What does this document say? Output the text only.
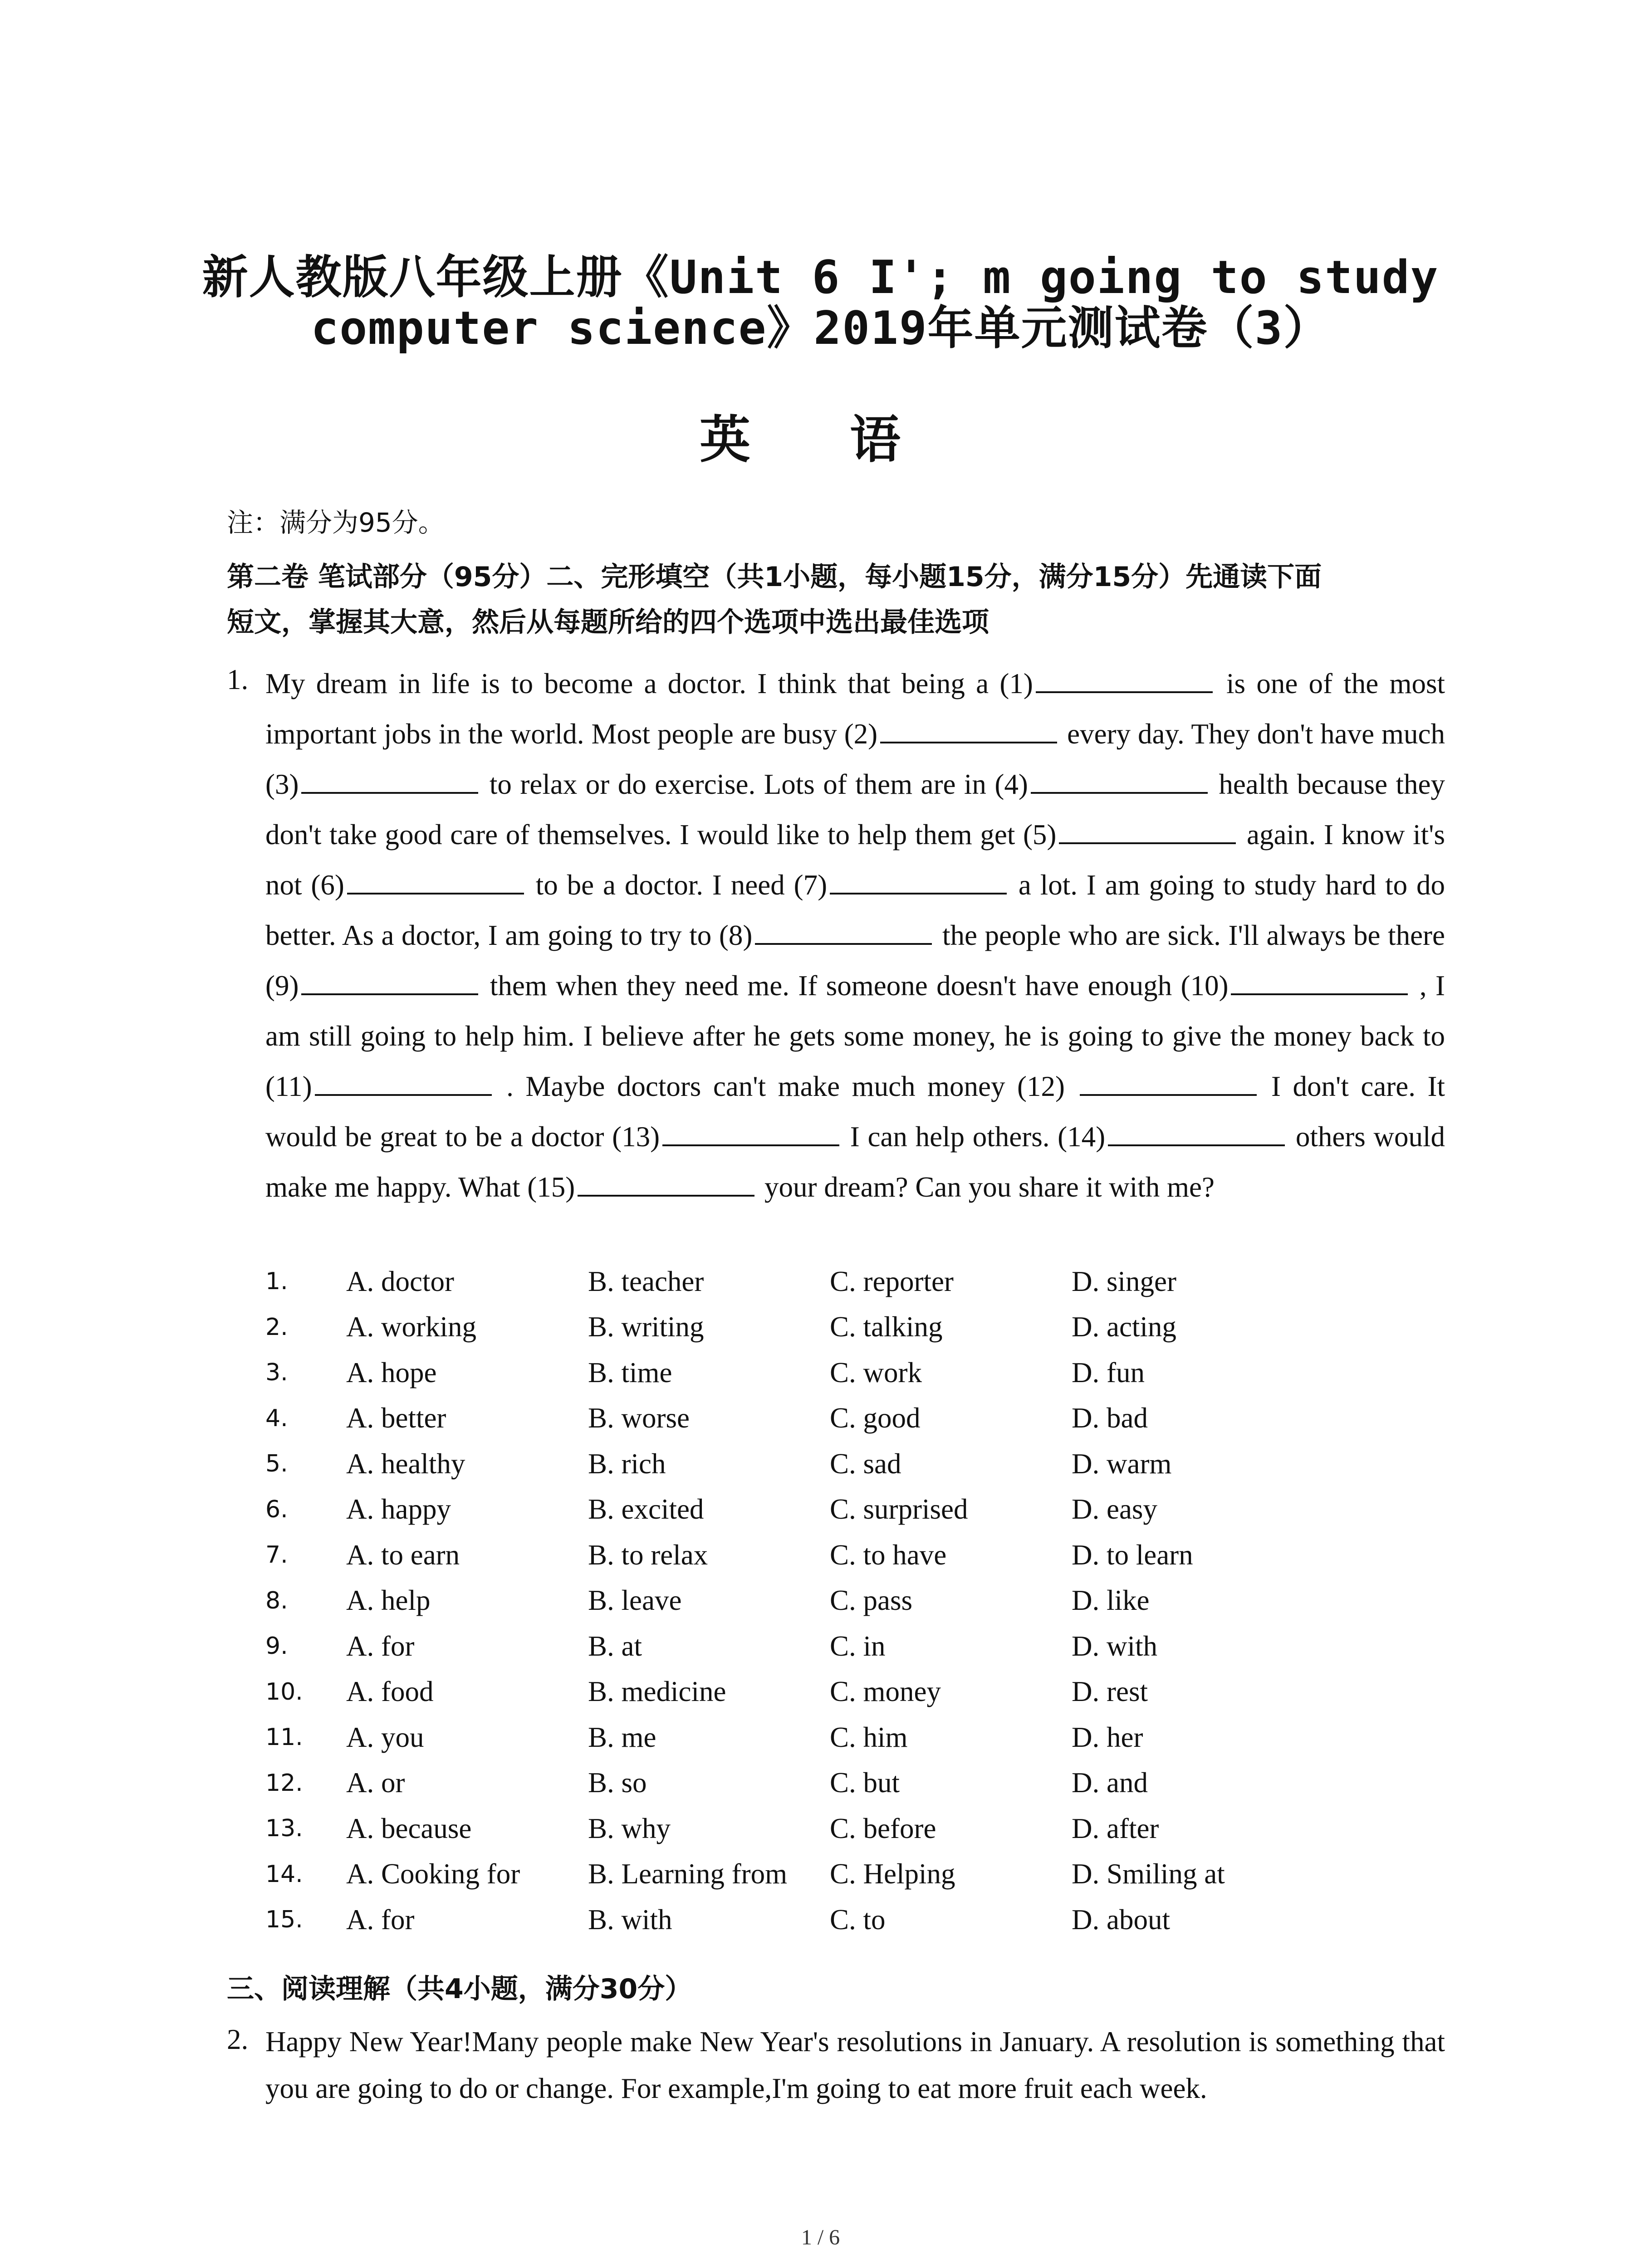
新人教版八年级上册《Unit 6 I'; m going to study
computer science》2019年单元测试卷（3）
英 语
注：满分为95分。
第二卷 笔试部分（95分）二、完形填空（共1小题，每小题15分，满分15分）先通读下面
短文，掌握其大意，然后从每题所给的四个选项中选出最佳选项
1. My dream in life is to become a doctor. I think that being a (1)	is one of the most important jobs in the world. Most people are busy (2)	every day. They don't have much (3)	to relax or do exercise. Lots of them are in (4)	health because they don't take good care of themselves. I would like to help them get (5)	again. I know it's not (6)	to be a doctor. I need (7)	a lot. I am going to study hard to do better. As a doctor, I am going to try to (8)	the people who are sick. I'll always be there (9)	them when they need me. If someone doesn't have enough (10)	, I am still going to help him. I believe after he gets some money, he is going to give the money back to (11)	. Maybe doctors can't make much money (12)	I don't care. It would be great to be a doctor (13)	I can help others. (14)	others would make me happy. What (15)	your dream? Can you share it with me?
1.	A. doctor	B. teacher	C. reporter	D. singer
2.	A. working	B. writing	C. talking	D. acting
3.	A. hope	B. time	C. work	D. fun
4.	A. better	B. worse	C. good	D. bad
5.	A. healthy	B. rich	C. sad	D. warm
6.	A. happy	B. excited	C. surprised	D. easy
7.	A. to earn	B. to relax	C. to have	D. to learn
8.	A. help	B. leave	C. pass	D. like
9.	A. for	B. at	C. in	D. with
10.	A. food	B. medicine	C. money	D. rest
11.	A. you	B. me	C. him	D. her
12.	A. or	B. so	C. but	D. and
13.	A. because	B. why	C. before	D. after
14.	A. Cooking for	B. Learning from	C. Helping	D. Smiling at
15.	A. for	B. with	C. to	D. about
三、阅读理解（共4小题，满分30分）
2. Happy New Year!Many people make New Year's resolutions in January. A resolution is something that you are going to do or change. For example,I'm going to eat more fruit each week.
1 / 6
